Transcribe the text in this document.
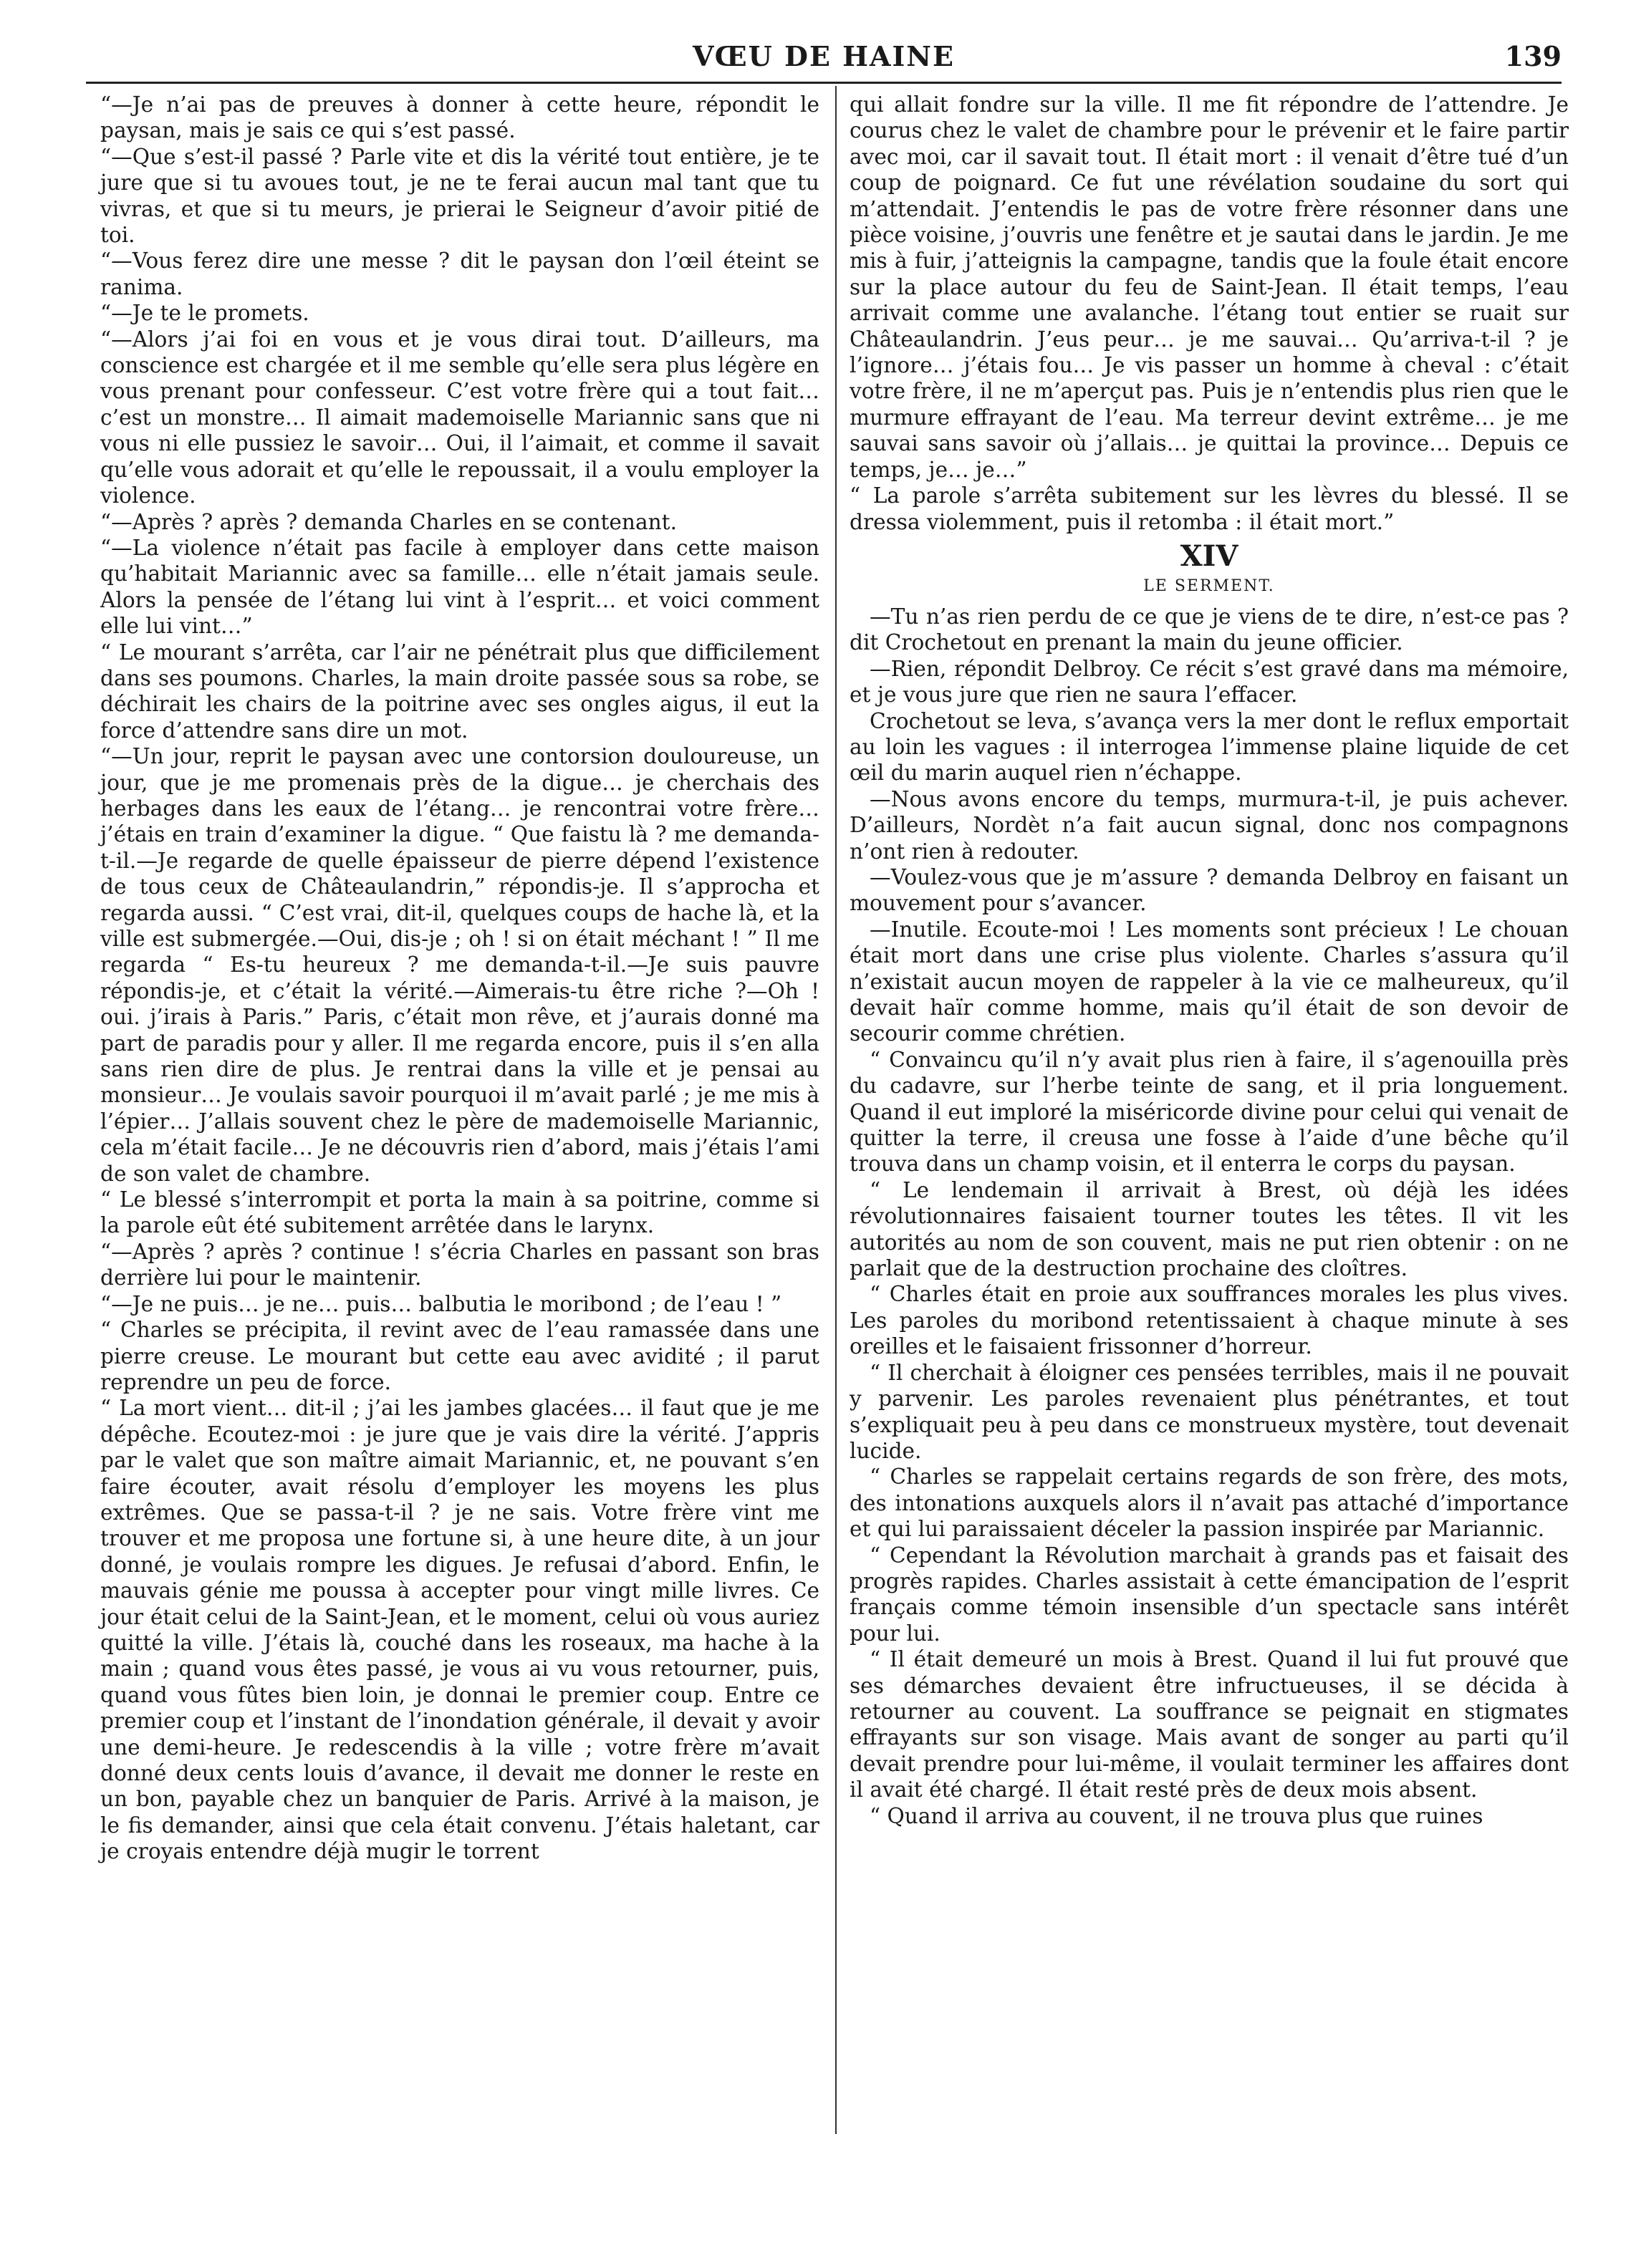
VŒU DE HAINE	139

“—Je n’ai pas de preuves à donner à cette heure, répondit le paysan, mais je sais ce qui s’est passé.

“—Que s’est-il passé ? Parle vite et dis la vérité tout entière, je te jure que si tu avoues tout, je ne te ferai aucun mal tant que tu vivras, et que si tu meurs, je prierai le Seigneur d’avoir pitié de toi.

“—Vous ferez dire une messe ? dit le paysan don l’œil éteint se ranima.

“—Je te le promets.

“—Alors j’ai foi en vous et je vous dirai tout. D’ailleurs, ma conscience est chargée et il me semble qu’elle sera plus légère en vous prenant pour confesseur. C’est votre frère qui a tout fait… c’est un monstre… Il aimait mademoiselle Mariannic sans que ni vous ni elle pussiez le savoir… Oui, il l’aimait, et comme il savait qu’elle vous adorait et qu’elle le repoussait, il a voulu employer la violence.

“—Après ? après ? demanda Charles en se contenant.

“—La violence n’était pas facile à employer dans cette maison qu’habitait Mariannic avec sa famille… elle n’était jamais seule. Alors la pensée de l’étang lui vint à l’esprit… et voici comment elle lui vint…”

“ Le mourant s’arrêta, car l’air ne pénétrait plus que difficilement dans ses poumons. Charles, la main droite passée sous sa robe, se déchirait les chairs de la poitrine avec ses ongles aigus, il eut la force d’attendre sans dire un mot.

“—Un jour, reprit le paysan avec une contorsion douloureuse, un jour, que je me promenais près de la digue… je cherchais des herbages dans les eaux de l’étang… je rencontrai votre frère… j’étais en train d’examiner la digue. “ Que faistu là ? me demanda-t-il.—Je regarde de quelle épaisseur de pierre dépend l’existence de tous ceux de Châteaulandrin,” répondis-je. Il s’approcha et regarda aussi. “ C’est vrai, dit-il, quelques coups de hache là, et la ville est submergée.—Oui, dis-je ; oh ! si on était méchant ! ” Il me regarda “ Es-tu heureux ? me demanda-t-il.—Je suis pauvre répondis-je, et c’était la vérité.—Aimerais-tu être riche ?—Oh ! oui. j’irais à Paris.” Paris, c’était mon rêve, et j’aurais donné ma part de paradis pour y aller. Il me regarda encore, puis il s’en alla sans rien dire de plus. Je rentrai dans la ville et je pensai au monsieur… Je voulais savoir pourquoi il m’avait parlé ; je me mis à l’épier… J’allais souvent chez le père de mademoiselle Mariannic, cela m’était facile… Je ne découvris rien d’abord, mais j’étais l’ami de son valet de chambre.

“ Le blessé s’interrompit et porta la main à sa poitrine, comme si la parole eût été subitement arrêtée dans le larynx.

“—Après ? après ? continue ! s’écria Charles en passant son bras derrière lui pour le maintenir.

“—Je ne puis… je ne… puis… balbutia le moribond ; de l’eau ! ”

“ Charles se précipita, il revint avec de l’eau ramassée dans une pierre creuse. Le mourant but cette eau avec avidité ; il parut reprendre un peu de force.

“ La mort vient… dit-il ; j’ai les jambes glacées… il faut que je me dépêche. Ecoutez-moi : je jure que je vais dire la vérité. J’appris par le valet que son maître aimait Mariannic, et, ne pouvant s’en faire écouter, avait résolu d’employer les moyens les plus extrêmes. Que se passa-t-il ? je ne sais. Votre frère vint me trouver et me proposa une fortune si, à une heure dite, à un jour donné, je voulais rompre les digues. Je refusai d’abord. Enfin, le mauvais génie me poussa à accepter pour vingt mille livres. Ce jour était celui de la Saint-Jean, et le moment, celui où vous auriez quitté la ville. J’étais là, couché dans les roseaux, ma hache à la main ; quand vous êtes passé, je vous ai vu vous retourner, puis, quand vous fûtes bien loin, je donnai le premier coup. Entre ce premier coup et l’instant de l’inondation générale, il devait y avoir une demi-heure. Je redescendis à la ville ; votre frère m’avait donné deux cents louis d’avance, il devait me donner le reste en un bon, payable chez un banquier de Paris. Arrivé à la maison, je le fis demander, ainsi que cela était convenu. J’étais haletant, car je croyais entendre déjà mugir le torrent

qui allait fondre sur la ville. Il me fit répondre de l’attendre. Je courus chez le valet de chambre pour le prévenir et le faire partir avec moi, car il savait tout. Il était mort : il venait d’être tué d’un coup de poignard. Ce fut une révélation soudaine du sort qui m’attendait. J’entendis le pas de votre frère résonner dans une pièce voisine, j’ouvris une fenêtre et je sautai dans le jardin. Je me mis à fuir, j’atteignis la campagne, tandis que la foule était encore sur la place autour du feu de Saint-Jean. Il était temps, l’eau arrivait comme une avalanche. l’étang tout entier se ruait sur Châteaulandrin. J’eus peur… je me sauvai… Qu’arriva-t-il ? je l’ignore… j’étais fou… Je vis passer un homme à cheval : c’était votre frère, il ne m’aperçut pas. Puis je n’entendis plus rien que le murmure effrayant de l’eau. Ma terreur devint extrême… je me sauvai sans savoir où j’allais… je quittai la province… Depuis ce temps, je… je…”

“ La parole s’arrêta subitement sur les lèvres du blessé. Il se dressa violemment, puis il retomba : il était mort.”

XIV
LE SERMENT.

—Tu n’as rien perdu de ce que je viens de te dire, n’est-ce pas ? dit Crochetout en prenant la main du jeune officier.

—Rien, répondit Delbroy. Ce récit s’est gravé dans ma mémoire, et je vous jure que rien ne saura l’effacer.

Crochetout se leva, s’avança vers la mer dont le reflux emportait au loin les vagues : il interrogea l’immense plaine liquide de cet œil du marin auquel rien n’échappe.

—Nous avons encore du temps, murmura-t-il, je puis achever. D’ailleurs, Nordèt n’a fait aucun signal, donc nos compagnons n’ont rien à redouter.

—Voulez-vous que je m’assure ? demanda Delbroy en faisant un mouvement pour s’avancer.

—Inutile. Ecoute-moi ! Les moments sont précieux ! Le chouan était mort dans une crise plus violente. Charles s’assura qu’il n’existait aucun moyen de rappeler à la vie ce malheureux, qu’il devait haïr comme homme, mais qu’il était de son devoir de secourir comme chrétien.

“ Convaincu qu’il n’y avait plus rien à faire, il s’agenouilla près du cadavre, sur l’herbe teinte de sang, et il pria longuement. Quand il eut imploré la miséricorde divine pour celui qui venait de quitter la terre, il creusa une fosse à l’aide d’une bêche qu’il trouva dans un champ voisin, et il enterra le corps du paysan.

“ Le lendemain il arrivait à Brest, où déjà les idées révolutionnaires faisaient tourner toutes les têtes. Il vit les autorités au nom de son couvent, mais ne put rien obtenir : on ne parlait que de la destruction prochaine des cloîtres.

“ Charles était en proie aux souffrances morales les plus vives. Les paroles du moribond retentissaient à chaque minute à ses oreilles et le faisaient frissonner d’horreur.

“ Il cherchait à éloigner ces pensées terribles, mais il ne pouvait y parvenir. Les paroles revenaient plus pénétrantes, et tout s’expliquait peu à peu dans ce monstrueux mystère, tout devenait lucide.

“ Charles se rappelait certains regards de son frère, des mots, des intonations auxquels alors il n’avait pas attaché d’importance et qui lui paraissaient déceler la passion inspirée par Mariannic.

“ Cependant la Révolution marchait à grands pas et faisait des progrès rapides. Charles assistait à cette émancipation de l’esprit français comme témoin insensible d’un spectacle sans intérêt pour lui.

“ Il était demeuré un mois à Brest. Quand il lui fut prouvé que ses démarches devaient être infructueuses, il se décida à retourner au couvent. La souffrance se peignait en stigmates effrayants sur son visage. Mais avant de songer au parti qu’il devait prendre pour lui-même, il voulait terminer les affaires dont il avait été chargé. Il était resté près de deux mois absent.

“ Quand il arriva au couvent, il ne trouva plus que ruines
